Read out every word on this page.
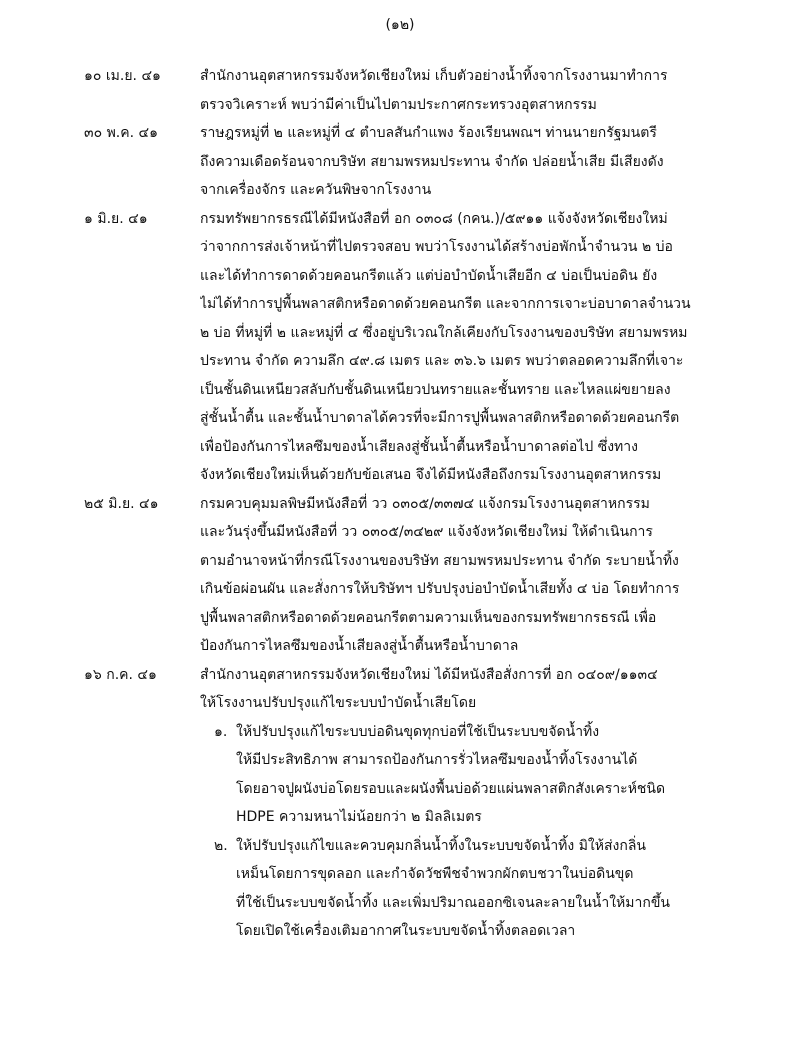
(๑๒)
๑๐ เม.ย. ๔๑	สำนักงานอุตสาหกรรมจังหวัดเชียงใหม่ เก็บตัวอย่างน้ำทิ้งจากโรงงานมาทำการ
ตรวจวิเคราะห์ พบว่ามีค่าเป็นไปตามประกาศกระทรวงอุตสาหกรรม
๓๐ พ.ค. ๔๑	ราษฎรหมู่ที่ ๒ และหมู่ที่ ๔ ตำบลสันกำแพง ร้องเรียนพณฯ ท่านนายกรัฐมนตรี
ถึงความเดือดร้อนจากบริษัท สยามพรหมประทาน จำกัด ปล่อยน้ำเสีย มีเสียงดัง
จากเครื่องจักร และควันพิษจากโรงงาน
๑ มิ.ย. ๔๑	กรมทรัพยากรธรณีได้มีหนังสือที่ อก ๐๓๐๘ (กคน.)/๕๙๑๑ แจ้งจังหวัดเชียงใหม่
ว่าจากการส่งเจ้าหน้าที่ไปตรวจสอบ พบว่าโรงงานได้สร้างบ่อพักน้ำจำนวน ๒ บ่อ
และได้ทำการดาดด้วยคอนกรีตแล้ว แต่บ่อบำบัดน้ำเสียอีก ๔ บ่อเป็นบ่อดิน ยัง
ไม่ได้ทำการปูพื้นพลาสติกหรือดาดด้วยคอนกรีต และจากการเจาะบ่อบาดาลจำนวน
๒ บ่อ ที่หมู่ที่ ๒ และหมู่ที่ ๔ ซึ่งอยู่บริเวณใกล้เคียงกับโรงงานของบริษัท สยามพรหม
ประทาน จำกัด ความลึก ๔๙.๘ เมตร และ ๓๖.๖ เมตร พบว่าตลอดความลึกที่เจาะ
เป็นชั้นดินเหนียวสลับกับชั้นดินเหนียวปนทรายและชั้นทราย และไหลแผ่ขยายลง
สู่ชั้นน้ำตื้น และชั้นน้ำบาดาลได้ควรที่จะมีการปูพื้นพลาสติกหรือดาดด้วยคอนกรีต
เพื่อป้องกันการไหลซึมของน้ำเสียลงสู่ชั้นน้ำตื้นหรือน้ำบาดาลต่อไป ซึ่งทาง
จังหวัดเชียงใหม่เห็นด้วยกับข้อเสนอ จึงได้มีหนังสือถึงกรมโรงงานอุตสาหกรรม
๒๕ มิ.ย. ๔๑	กรมควบคุมมลพิษมีหนังสือที่ วว ๐๓๐๕/๓๓๗๔ แจ้งกรมโรงงานอุตสาหกรรม
และวันรุ่งขึ้นมีหนังสือที่ วว ๐๓๐๕/๓๔๒๙ แจ้งจังหวัดเชียงใหม่ ให้ดำเนินการ
ตามอำนาจหน้าที่กรณีโรงงานของบริษัท สยามพรหมประทาน จำกัด ระบายน้ำทิ้ง
เกินข้อผ่อนผัน และสั่งการให้บริษัทฯ ปรับปรุงบ่อบำบัดน้ำเสียทั้ง ๔ บ่อ โดยทำการ
ปูพื้นพลาสติกหรือดาดด้วยคอนกรีตตามความเห็นของกรมทรัพยากรธรณี เพื่อ
ป้องกันการไหลซึมของน้ำเสียลงสู่น้ำตื้นหรือน้ำบาดาล
๑๖ ก.ค. ๔๑	สำนักงานอุตสาหกรรมจังหวัดเชียงใหม่ ได้มีหนังสือสั่งการที่ อก ๐๔๐๙/๑๑๓๔
ให้โรงงานปรับปรุงแก้ไขระบบบำบัดน้ำเสียโดย
๑. ให้ปรับปรุงแก้ไขระบบบ่อดินขุดทุกบ่อที่ใช้เป็นระบบขจัดน้ำทิ้ง
ให้มีประสิทธิภาพ สามารถป้องกันการรั่วไหลซึมของน้ำทิ้งโรงงานได้
โดยอาจปูผนังบ่อโดยรอบและผนังพื้นบ่อด้วยแผ่นพลาสติกสังเคราะห์ชนิด
HDPE ความหนาไม่น้อยกว่า ๒ มิลลิเมตร
๒. ให้ปรับปรุงแก้ไขและควบคุมกลิ่นน้ำทิ้งในระบบขจัดน้ำทิ้ง มิให้ส่งกลิ่น
เหม็นโดยการขุดลอก และกำจัดวัชพืชจำพวกผักตบชวาในบ่อดินขุด
ที่ใช้เป็นระบบขจัดน้ำทิ้ง และเพิ่มปริมาณออกซิเจนละลายในน้ำให้มากขึ้น
โดยเปิดใช้เครื่องเติมอากาศในระบบขจัดน้ำทิ้งตลอดเวลา
